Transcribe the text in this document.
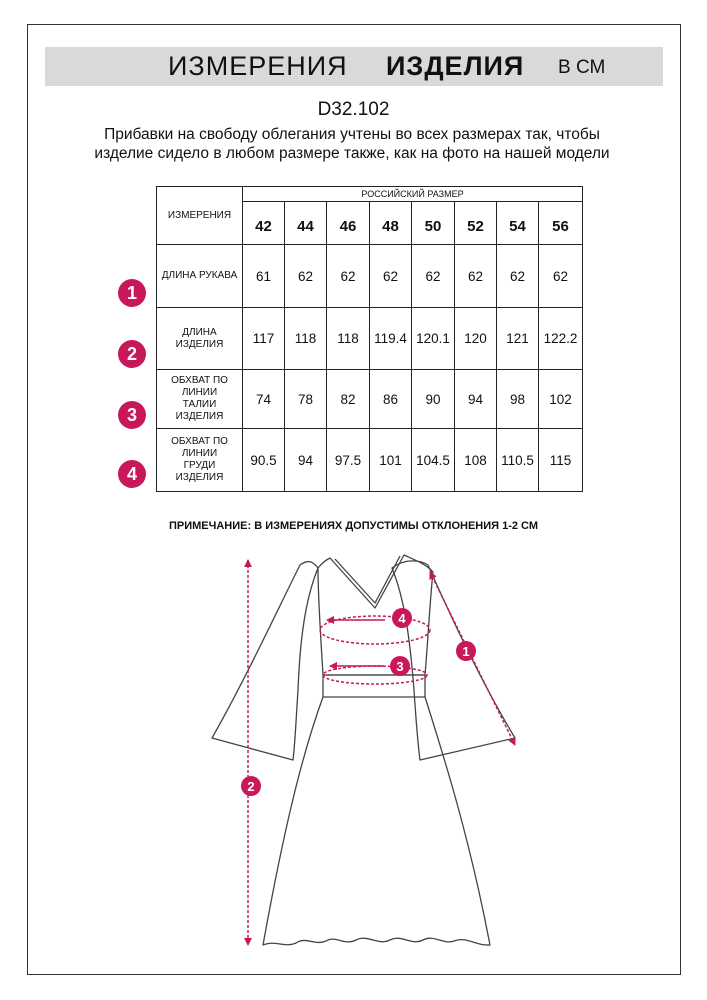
ИЗМЕРЕНИЯ ИЗДЕЛИЯ В СМ
D32.102
Прибавки на свободу облегания учтены во всех размерах так, чтобы изделие сидело в любом размере также, как на фото на нашей модели
ИЗМЕРЕНИЯ	РОССИЙСКИЙ РАЗМЕР							
	42	44	46	48	50	52	54	56
ДЛИНА РУКАВА	61	62	62	62	62	62	62	62
ДЛИНА ИЗДЕЛИЯ	117	118	118	119.4	120.1	120	121	122.2
ОБХВАТ ПО ЛИНИИ ТАЛИИ ИЗДЕЛИЯ	74	78	82	86	90	94	98	102
ОБХВАТ ПО ЛИНИИ ГРУДИ ИЗДЕЛИЯ	90.5	94	97.5	101	104.5	108	110.5	115
1
2
3
4
ПРИМЕЧАНИЕ: В ИЗМЕРЕНИЯХ ДОПУСТИМЫ ОТКЛОНЕНИЯ 1-2 СМ
1
2
3
4
